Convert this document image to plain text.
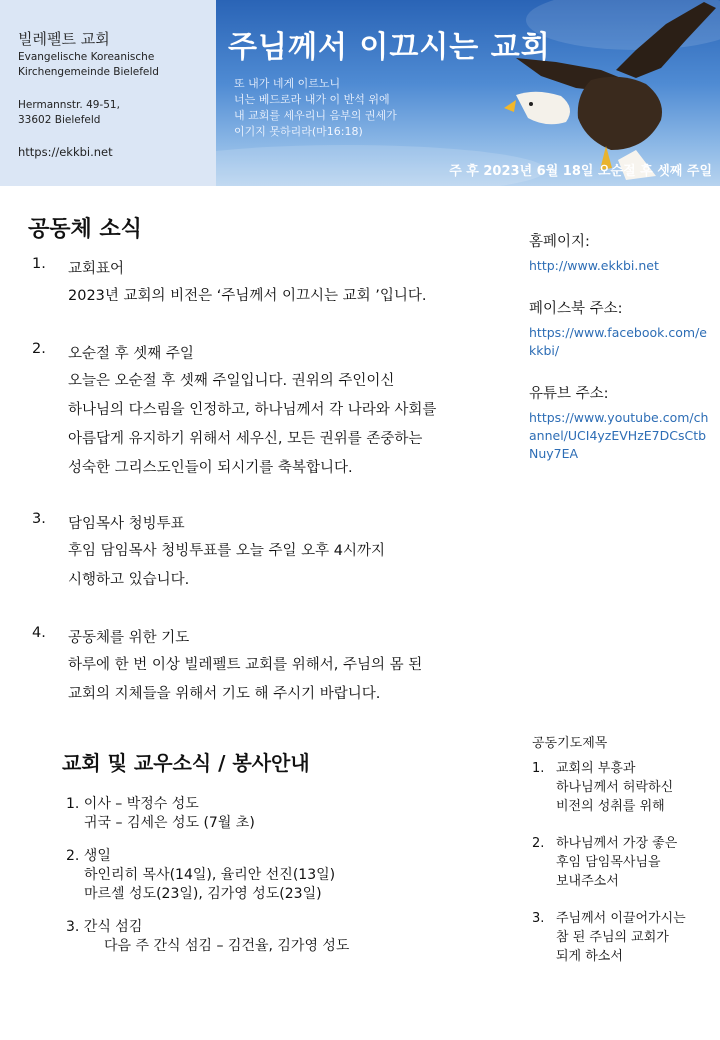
빌레펠트 교회
Evangelische Koreanische
Kirchengemeinde Bielefeld
Hermannstr. 49-51,
33602 Bielefeld
https://ekkbi.net
주님께서 이끄시는 교회
또 내가 네게 이르노니
너는 베드로라 내가 이 반석 위에
내 교회를 세우리니 음부의 권세가
이기지 못하리라(마16:18)
주 후 2023년 6월 18일 오순절 후 셋째 주일
공동체 소식
1. 교회표어
2023년 교회의 비전은 ‘주님께서 이끄시는 교회 ’입니다.
2. 오순절 후 셋째 주일
오늘은 오순절 후 셋째 주일입니다. 권위의 주인이신
하나님의 다스림을 인정하고, 하나님께서 각 나라와 사회를
아름답게 유지하기 위해서 세우신, 모든 권위를 존중하는
성숙한 그리스도인들이 되시기를 축복합니다.
3. 담임목사 청빙투표
후임 담임목사 청빙투표를 오늘 주일 오후 4시까지
시행하고 있습니다.
4. 공동체를 위한 기도
하루에 한 번 이상 빌레펠트 교회를 위해서, 주님의 몸 된
교회의 지체들을 위해서 기도 해 주시기 바랍니다.
홈페이지:
http://www.ekkbi.net
페이스북 주소:
https://www.facebook.com/ekkbi/
유튜브 주소:
https://www.youtube.com/channel/UCI4yzEVHzE7DCsCtbNuy7EA
교회 및 교우소식 / 봉사안내
1. 이사 – 박정수 성도
귀국 – 김세은 성도 (7월 초)
2. 생일
하인리히 목사(14일), 율리안 선진(13일)
마르셀 성도(23일), 김가영 성도(23일)
3. 간식 섬김
다음 주 간식 섬김 – 김건율, 김가영 성도
공동기도제목
1. 교회의 부흥과
하나님께서 허락하신
비전의 성취를 위해
2. 하나님께서 가장 좋은
후임 담임목사님을
보내주소서
3. 주님께서 이끌어가시는
참 된 주님의 교회가
되게 하소서
